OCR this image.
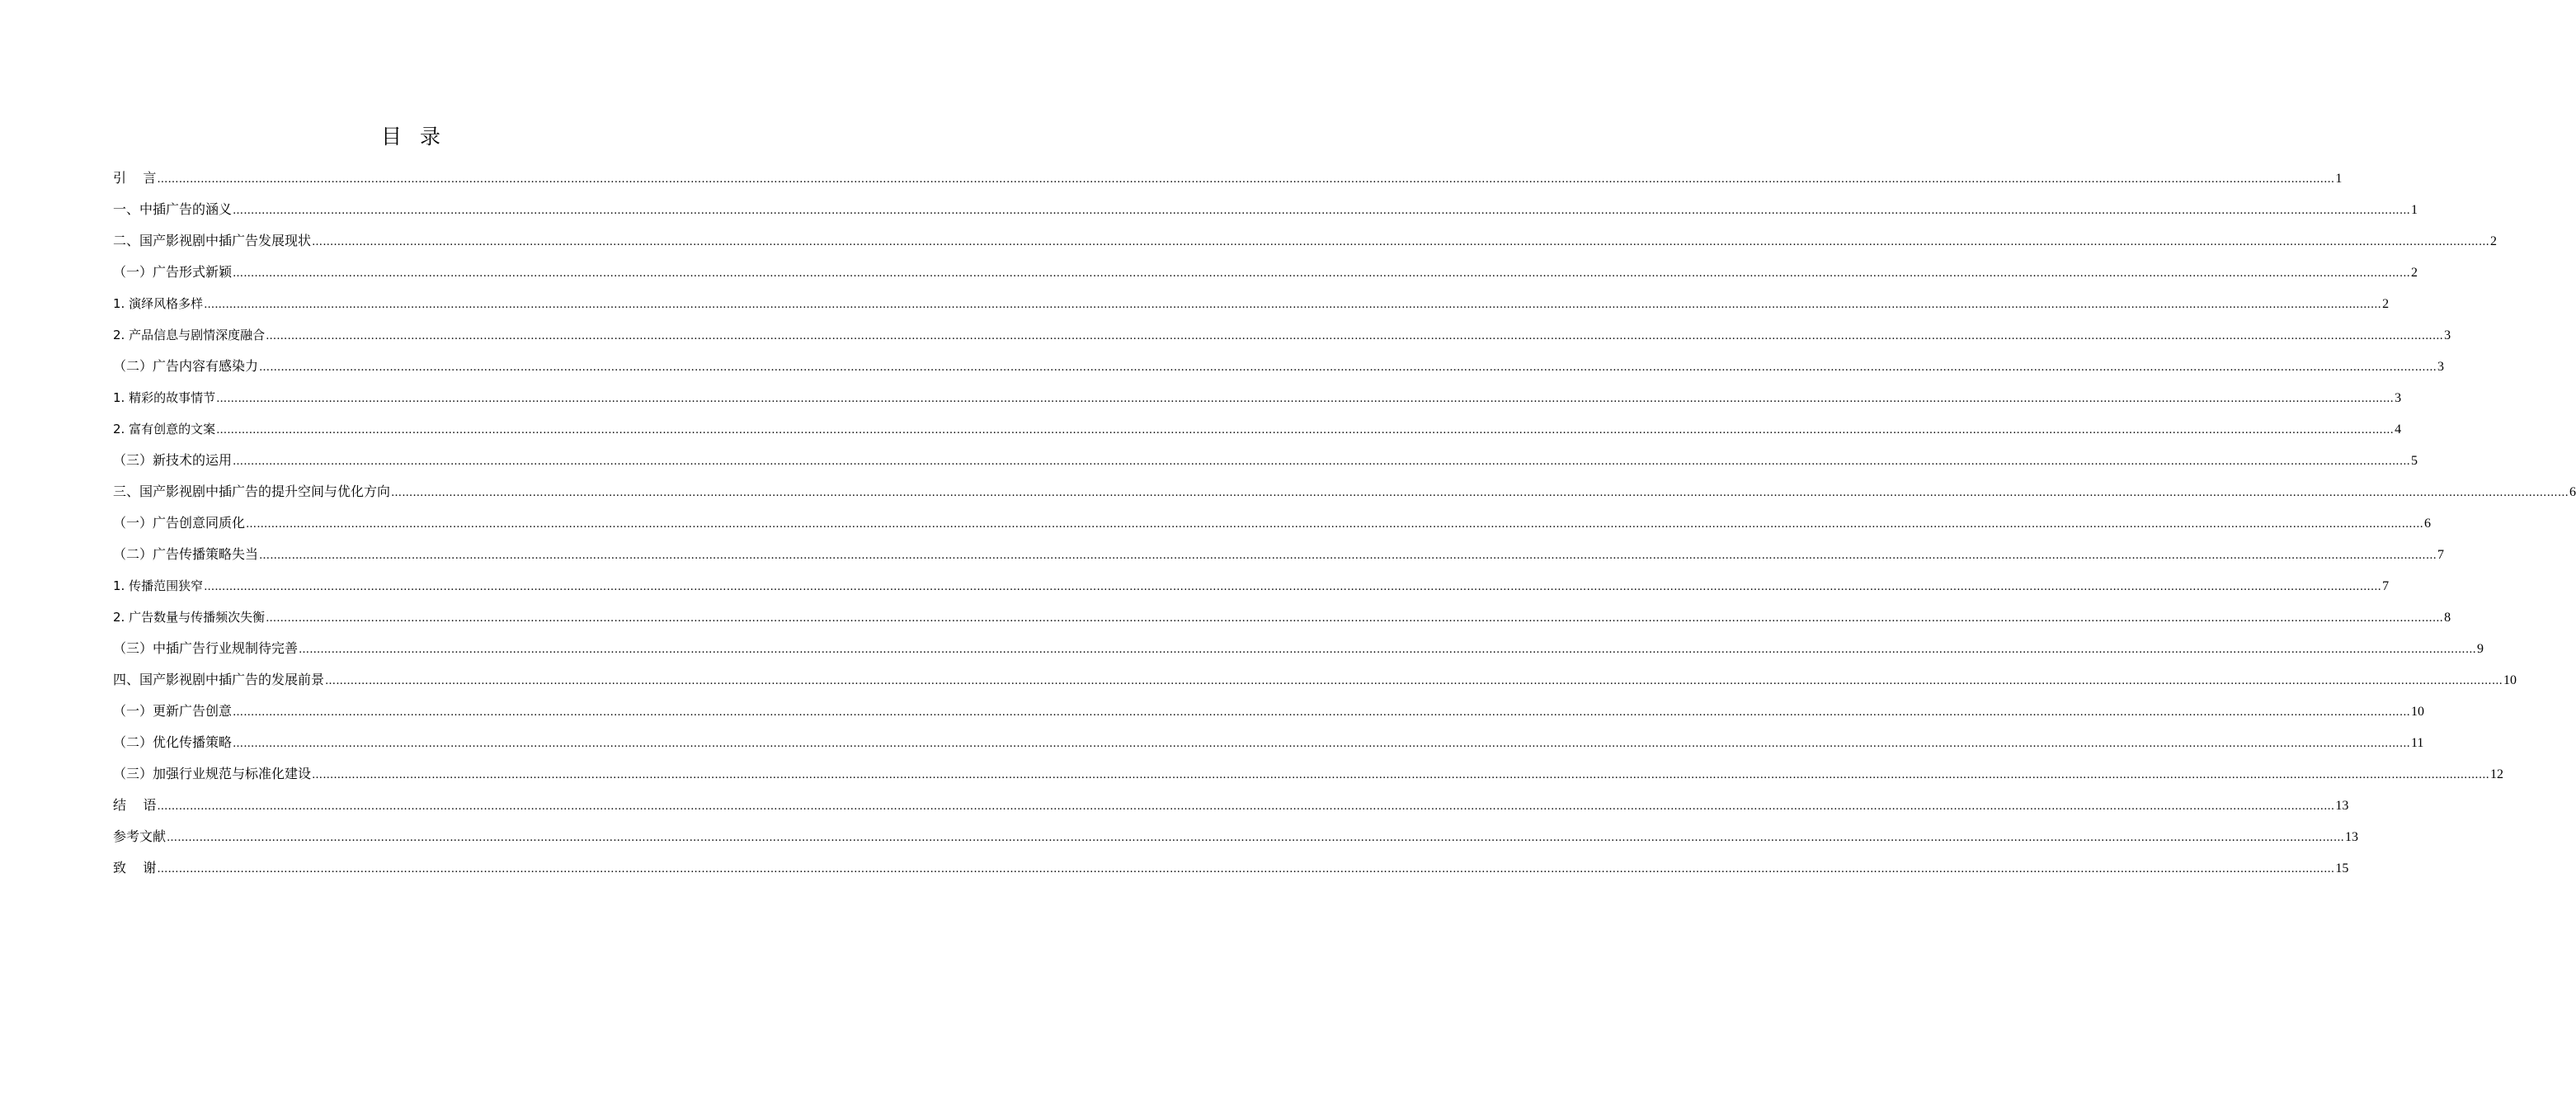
目  录
引    言 …………………………………………………………………………………………………………………………………………………………………………………………………………………………………………………………………………………………………………………………………………………………………………………………………………………………………………………………………………………………………………………………………………………… 1
一、中插广告的涵义 …………………………………………………………………………………………………………………………………………………………………………………………………………………………………………………………………………………………………………………………………………………………………………………………………………………………………………………………………………………………………………………………………………………… 1
二、国产影视剧中插广告发展现状 …………………………………………………………………………………………………………………………………………………………………………………………………………………………………………………………………………………………………………………………………………………………………………………………………………………………………………………………………………………………………………………………………………………… 2
（一）广告形式新颖 …………………………………………………………………………………………………………………………………………………………………………………………………………………………………………………………………………………………………………………………………………………………………………………………………………………………………………………………………………………………………………………………………………………… 2
1. 演绎风格多样 …………………………………………………………………………………………………………………………………………………………………………………………………………………………………………………………………………………………………………………………………………………………………………………………………………………………………………………………………………………………………………………………………………………… 2
2. 产品信息与剧情深度融合 …………………………………………………………………………………………………………………………………………………………………………………………………………………………………………………………………………………………………………………………………………………………………………………………………………………………………………………………………………………………………………………………………………………… 3
（二）广告内容有感染力 …………………………………………………………………………………………………………………………………………………………………………………………………………………………………………………………………………………………………………………………………………………………………………………………………………………………………………………………………………………………………………………………………………………… 3
1. 精彩的故事情节 …………………………………………………………………………………………………………………………………………………………………………………………………………………………………………………………………………………………………………………………………………………………………………………………………………………………………………………………………………………………………………………………………………………… 3
2. 富有创意的文案 …………………………………………………………………………………………………………………………………………………………………………………………………………………………………………………………………………………………………………………………………………………………………………………………………………………………………………………………………………………………………………………………………………………… 4
（三）新技术的运用 …………………………………………………………………………………………………………………………………………………………………………………………………………………………………………………………………………………………………………………………………………………………………………………………………………………………………………………………………………………………………………………………………………………… 5
三、国产影视剧中插广告的提升空间与优化方向 …………………………………………………………………………………………………………………………………………………………………………………………………………………………………………………………………………………………………………………………………………………………………………………………………………………………………………………………………………………………………………………………………………………… 6
（一）广告创意同质化 …………………………………………………………………………………………………………………………………………………………………………………………………………………………………………………………………………………………………………………………………………………………………………………………………………………………………………………………………………………………………………………………………………………… 6
（二）广告传播策略失当 …………………………………………………………………………………………………………………………………………………………………………………………………………………………………………………………………………………………………………………………………………………………………………………………………………………………………………………………………………………………………………………………………………………… 7
1. 传播范围狭窄 …………………………………………………………………………………………………………………………………………………………………………………………………………………………………………………………………………………………………………………………………………………………………………………………………………………………………………………………………………………………………………………………………………………… 7
2. 广告数量与传播频次失衡 …………………………………………………………………………………………………………………………………………………………………………………………………………………………………………………………………………………………………………………………………………………………………………………………………………………………………………………………………………………………………………………………………………………… 8
（三）中插广告行业规制待完善 …………………………………………………………………………………………………………………………………………………………………………………………………………………………………………………………………………………………………………………………………………………………………………………………………………………………………………………………………………………………………………………………………………………… 9
四、国产影视剧中插广告的发展前景 …………………………………………………………………………………………………………………………………………………………………………………………………………………………………………………………………………………………………………………………………………………………………………………………………………………………………………………………………………………………………………………………………………………… 10
（一）更新广告创意 …………………………………………………………………………………………………………………………………………………………………………………………………………………………………………………………………………………………………………………………………………………………………………………………………………………………………………………………………………………………………………………………………………………… 10
（二）优化传播策略 …………………………………………………………………………………………………………………………………………………………………………………………………………………………………………………………………………………………………………………………………………………………………………………………………………………………………………………………………………………………………………………………………………………… 11
（三）加强行业规范与标准化建设 …………………………………………………………………………………………………………………………………………………………………………………………………………………………………………………………………………………………………………………………………………………………………………………………………………………………………………………………………………………………………………………………………………………… 12
结    语 …………………………………………………………………………………………………………………………………………………………………………………………………………………………………………………………………………………………………………………………………………………………………………………………………………………………………………………………………………………………………………………………………………………… 13
参考文献 …………………………………………………………………………………………………………………………………………………………………………………………………………………………………………………………………………………………………………………………………………………………………………………………………………………………………………………………………………………………………………………………………………………… 13
致    谢 …………………………………………………………………………………………………………………………………………………………………………………………………………………………………………………………………………………………………………………………………………………………………………………………………………………………………………………………………………………………………………………………………………………… 15
